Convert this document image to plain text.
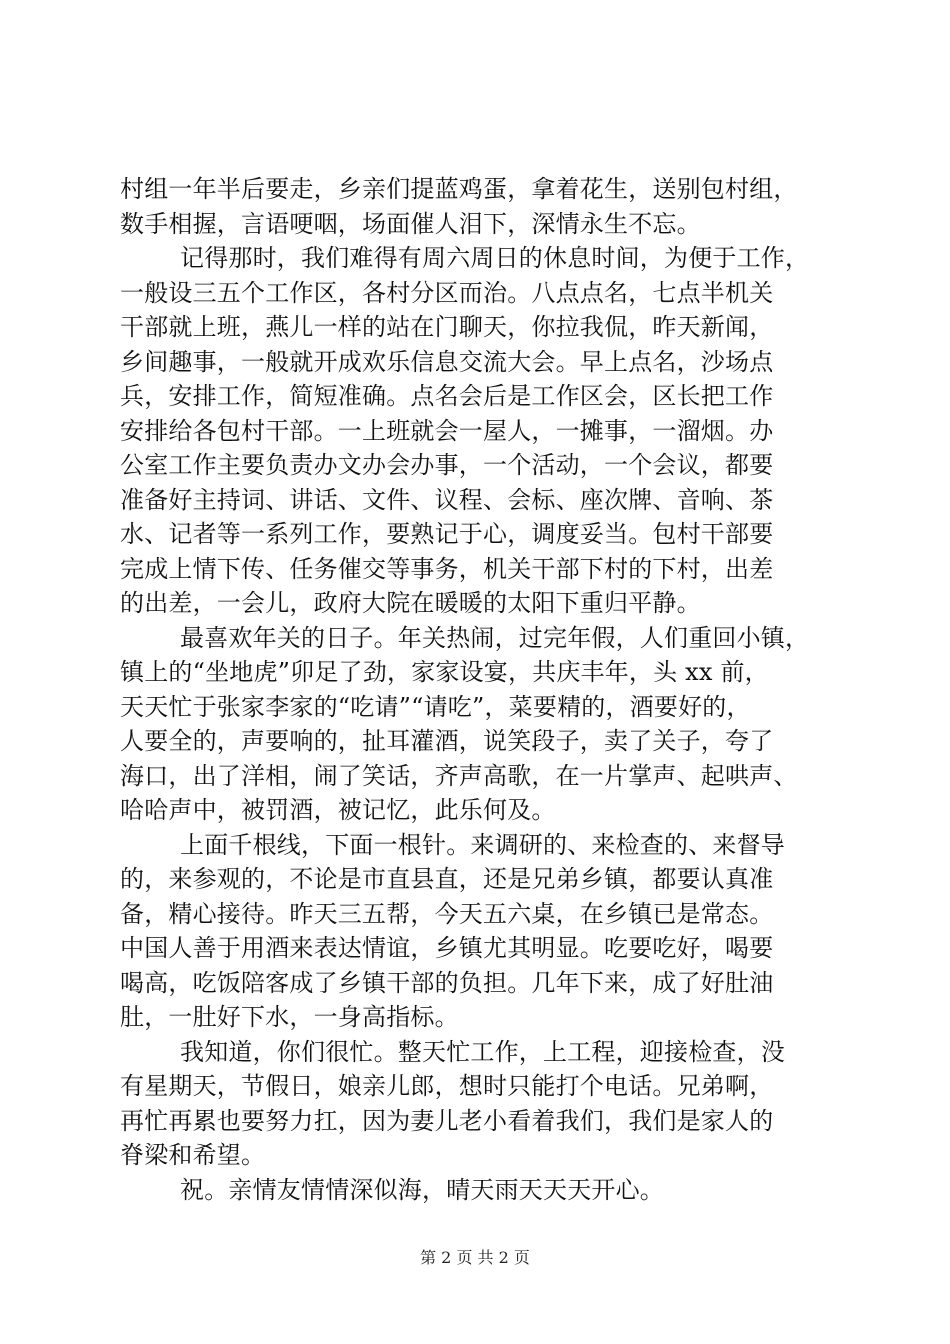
村组一年半后要走，乡亲们提蓝鸡蛋，拿着花生，送别包村组，
数手相握，言语哽咽，场面催人泪下，深情永生不忘。
记得那时，我们难得有周六周日的休息时间，为便于工作，
一般设三五个工作区，各村分区而治。八点点名，七点半机关
干部就上班，燕儿一样的站在门聊天，你拉我侃，昨天新闻，
乡间趣事，一般就开成欢乐信息交流大会。早上点名，沙场点
兵，安排工作，简短准确。点名会后是工作区会，区长把工作
安排给各包村干部。一上班就会一屋人，一摊事，一溜烟。办
公室工作主要负责办文办会办事，一个活动，一个会议，都要
准备好主持词、讲话、文件、议程、会标、座次牌、音响、茶
水、记者等一系列工作，要熟记于心，调度妥当。包村干部要
完成上情下传、任务催交等事务，机关干部下村的下村，出差
的出差，一会儿，政府大院在暖暖的太阳下重归平静。
最喜欢年关的日子。年关热闹，过完年假，人们重回小镇，
镇上的“坐地虎”卯足了劲，家家设宴，共庆丰年，头 xx 前，
天天忙于张家李家的“吃请”“请吃”，菜要精的，酒要好的，
人要全的，声要响的，扯耳灌酒，说笑段子，卖了关子，夸了
海口，出了洋相，闹了笑话，齐声高歌，在一片掌声、起哄声、
哈哈声中，被罚酒，被记忆，此乐何及。
上面千根线，下面一根针。来调研的、来检查的、来督导
的，来参观的，不论是市直县直，还是兄弟乡镇，都要认真准
备，精心接待。昨天三五帮，今天五六桌，在乡镇已是常态。
中国人善于用酒来表达情谊，乡镇尤其明显。吃要吃好，喝要
喝高，吃饭陪客成了乡镇干部的负担。几年下来，成了好肚油
肚，一肚好下水，一身高指标。
我知道，你们很忙。整天忙工作，上工程，迎接检查，没
有星期天，节假日，娘亲儿郎，想时只能打个电话。兄弟啊，
再忙再累也要努力扛，因为妻儿老小看着我们，我们是家人的
脊梁和希望。
祝。亲情友情情深似海，晴天雨天天天开心。
第 2 页 共 2 页
